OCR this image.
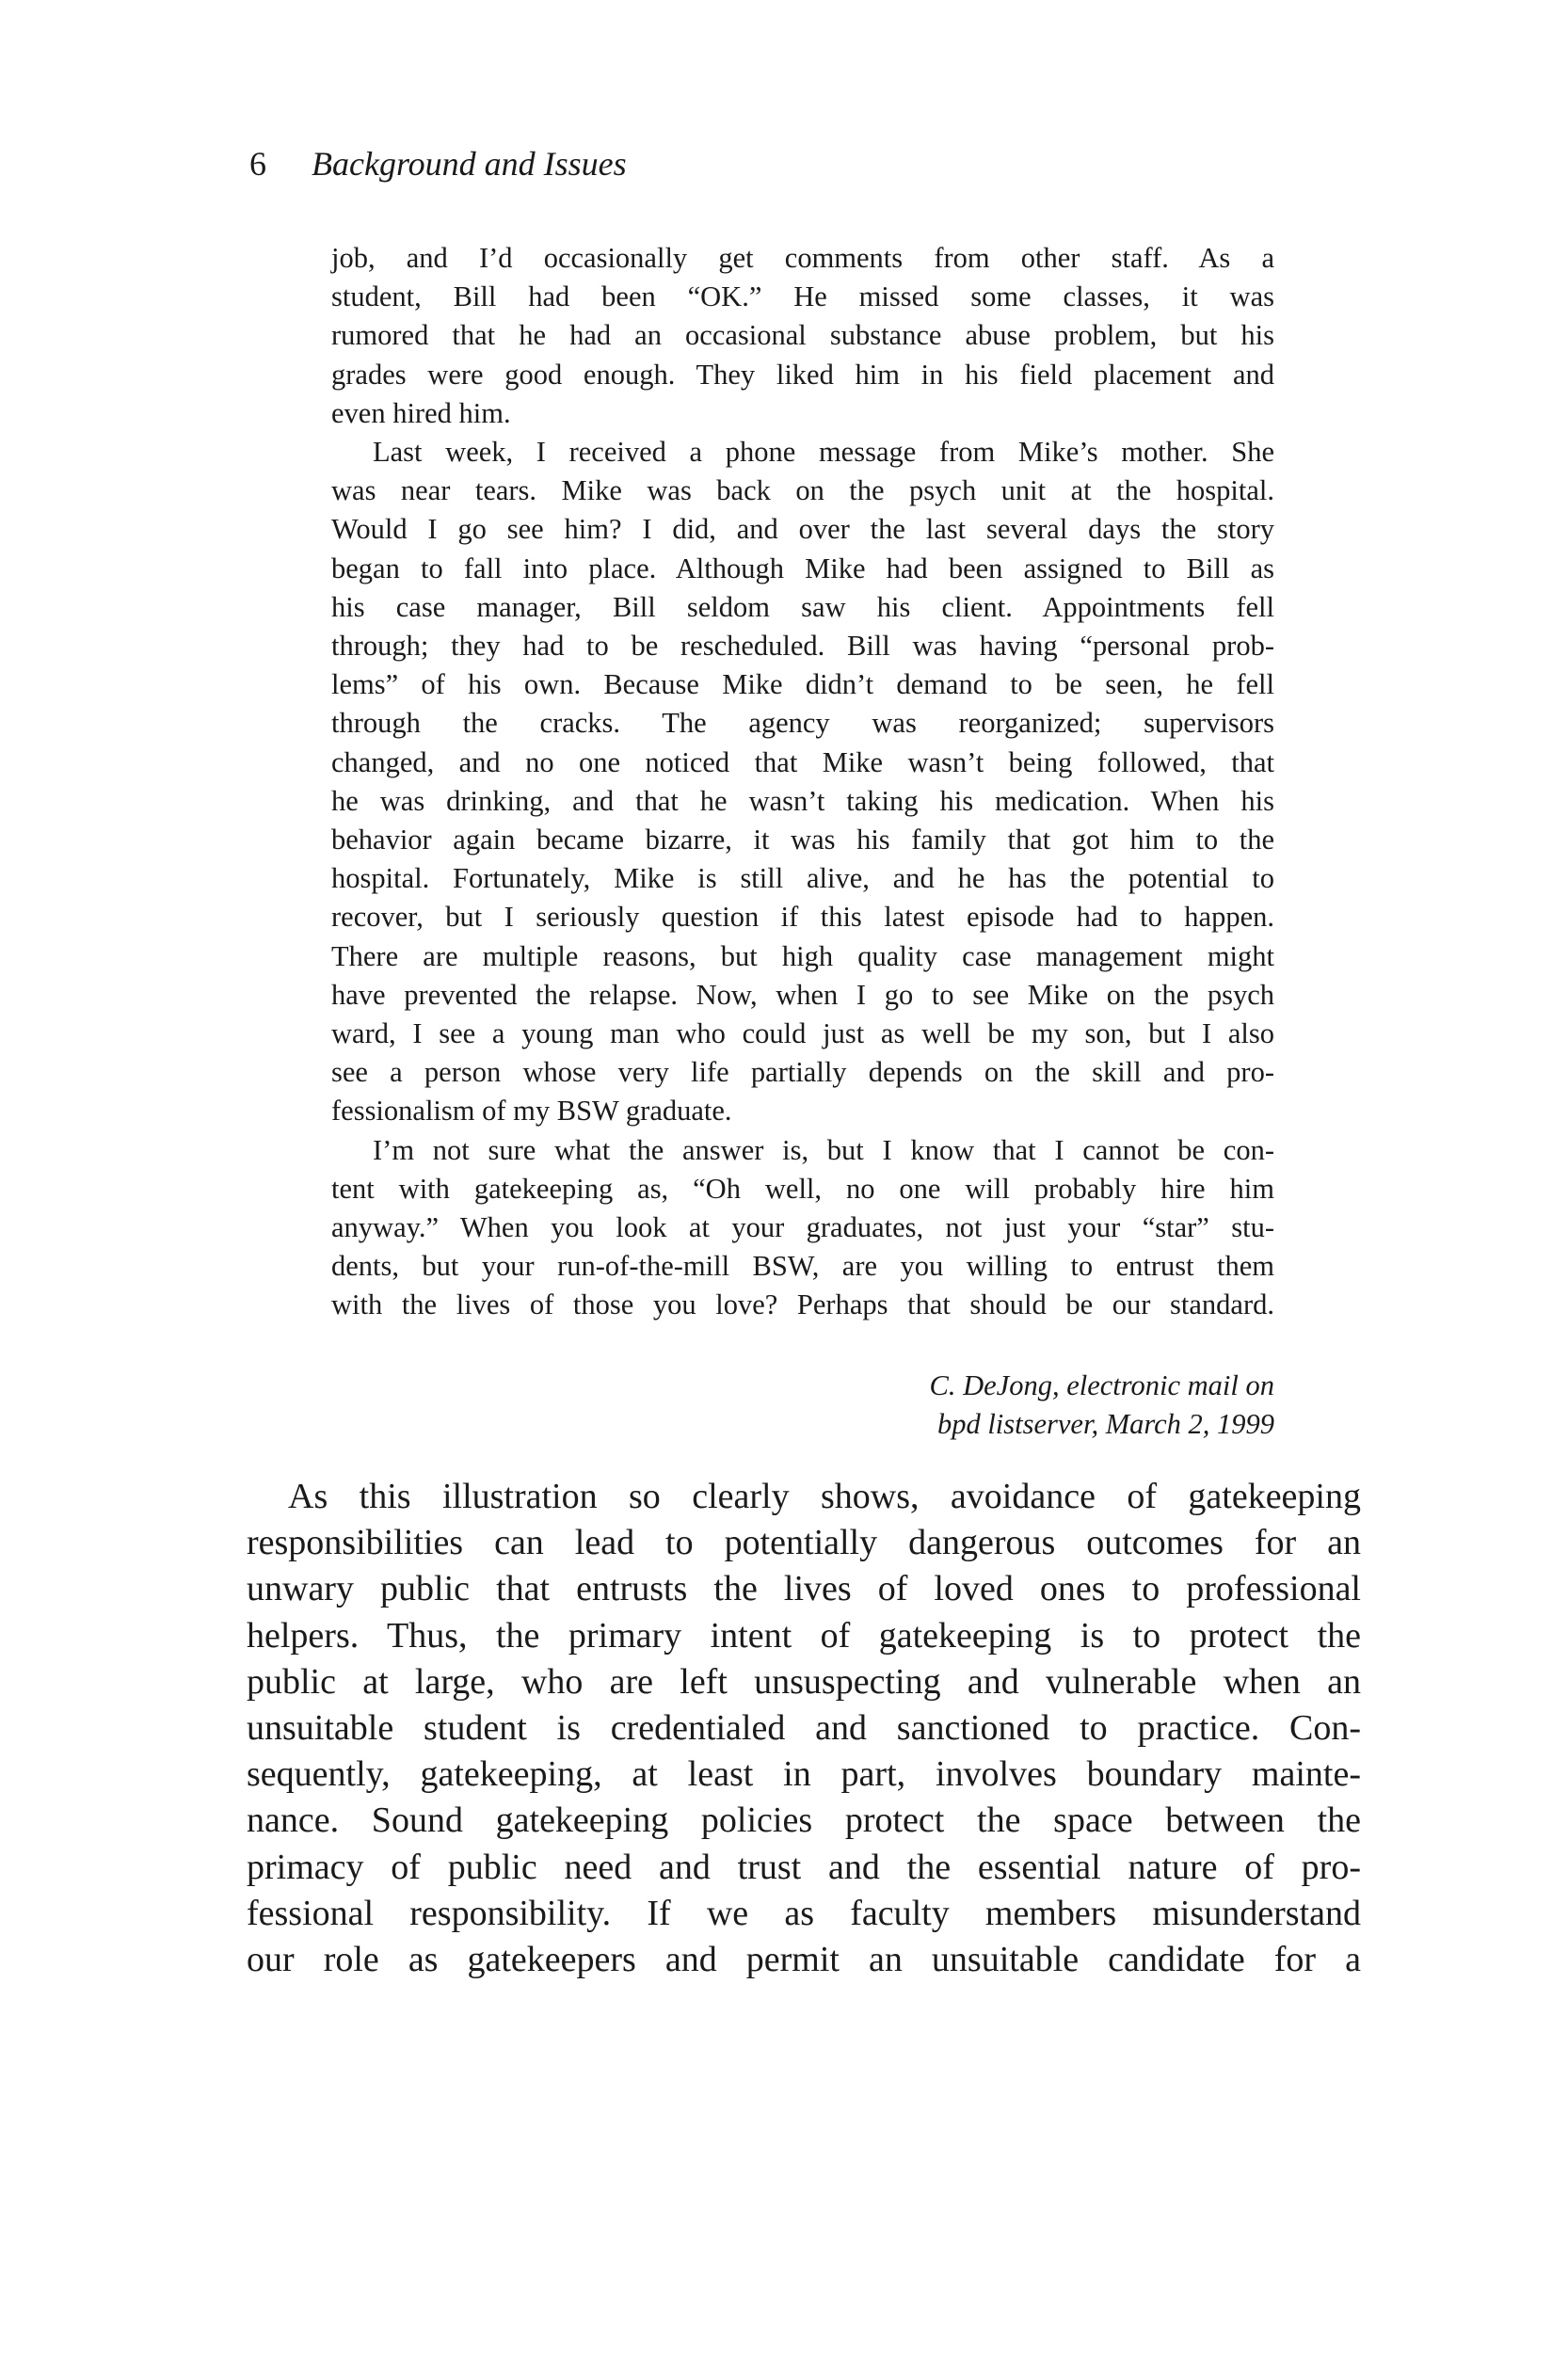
6 Background and Issues

job, and I’d occasionally get comments from other staff. As a
student, Bill had been “OK.” He missed some classes, it was
rumored that he had an occasional substance abuse problem, but his
grades were good enough. They liked him in his field placement and
even hired him.

Last week, I received a phone message from Mike’s mother. She
was near tears. Mike was back on the psych unit at the hospital.
Would I go see him? I did, and over the last several days the story
began to fall into place. Although Mike had been assigned to Bill as
his case manager, Bill seldom saw his client. Appointments fell
through; they had to be rescheduled. Bill was having “personal prob-
lems” of his own. Because Mike didn’t demand to be seen, he fell
through the cracks. The agency was reorganized; supervisors
changed, and no one noticed that Mike wasn’t being followed, that
he was drinking, and that he wasn’t taking his medication. When his
behavior again became bizarre, it was his family that got him to the
hospital. Fortunately, Mike is still alive, and he has the potential to
recover, but I seriously question if this latest episode had to happen.
There are multiple reasons, but high quality case management might
have prevented the relapse. Now, when I go to see Mike on the psych
ward, I see a young man who could just as well be my son, but I also
see a person whose very life partially depends on the skill and pro-
fessionalism of my BSW graduate.

I’m not sure what the answer is, but I know that I cannot be con-
tent with gatekeeping as, “Oh well, no one will probably hire him
anyway.” When you look at your graduates, not just your “star” stu-
dents, but your run-of-the-mill BSW, are you willing to entrust them
with the lives of those you love? Perhaps that should be our standard.

C. DeJong, electronic mail on
bpd listserver, March 2, 1999
As this illustration so clearly shows, avoidance of gatekeeping
responsibilities can lead to potentially dangerous outcomes for an
unwary public that entrusts the lives of loved ones to professional
helpers. Thus, the primary intent of gatekeeping is to protect the
public at large, who are left unsuspecting and vulnerable when an
unsuitable student is credentialed and sanctioned to practice. Con-
sequently, gatekeeping, at least in part, involves boundary mainte-
nance. Sound gatekeeping policies protect the space between the
primacy of public need and trust and the essential nature of pro-
fessional responsibility. If we as faculty members misunderstand
our role as gatekeepers and permit an unsuitable candidate for a
